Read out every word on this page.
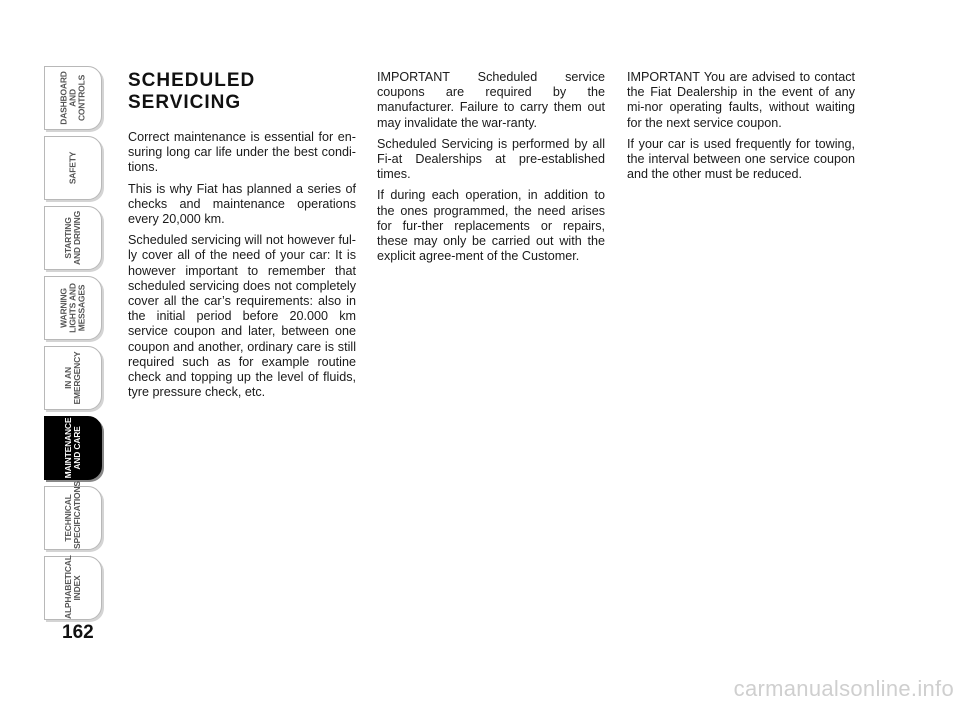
DASHBOARD
AND
CONTROLS
SAFETY
STARTING
AND DRIVING
WARNING
LIGHTS AND
MESSAGES
IN AN
EMERGENCY
MAINTENANCE
AND CARE
TECHNICAL
SPECIFICATIONS
ALPHABETICAL
INDEX
162
SCHEDULED SERVICING

Correct maintenance is essential for en-suring long car life under the best condi-tions.

This is why Fiat has planned a series of checks and maintenance operations every 20,000 km.

Scheduled servicing will not however ful-ly cover all of the need of your car: It is however important to remember that scheduled servicing does not completely cover all the car’s requirements: also in the initial period before 20.000 km service coupon and later, between one coupon and another, ordinary care is still required such as for example routine check and topping up the level of fluids, tyre pressure check, etc.

IMPORTANT Scheduled service coupons are required by the manufacturer. Failure to carry them out may invalidate the war-ranty.

Scheduled Servicing is performed by all Fi-at Dealerships at pre-established times.

If during each operation, in addition to the ones programmed, the need arises for fur-ther replacements or repairs, these may only be carried out with the explicit agree-ment of the Customer.

IMPORTANT You are advised to contact the Fiat Dealership in the event of any mi-nor operating faults, without waiting for the next service coupon.

If your car is used frequently for towing, the interval between one service coupon and the other must be reduced.

carmanualsonline.info
